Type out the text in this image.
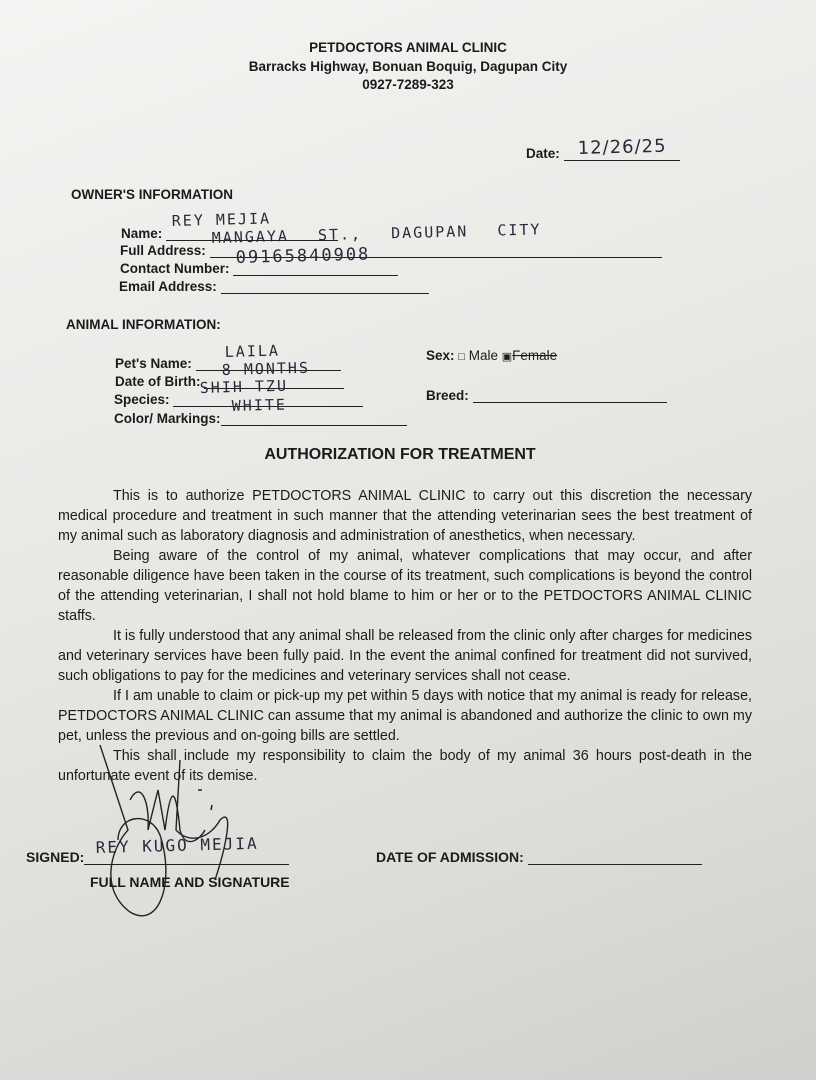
PETDOCTORS ANIMAL CLINIC
Barracks Highway, Bonuan Boquig, Dagupan City
0927-7289-323
Date: 12/26/25
OWNER'S INFORMATION
Name:
REY MEJIA
Full Address:
MANGAYA ST., DAGUPAN CITY
Contact Number:
09165840908
Email Address:
ANIMAL INFORMATION:
Pet's Name:
LAILA
Date of Birth:
8 MONTHS
Species:
SHIH TZU
Color/ Markings:
WHITE
Sex: □ Male ▣Female
Breed:
AUTHORIZATION FOR TREATMENT

This is to authorize PETDOCTORS ANIMAL CLINIC to carry out this discretion the necessary medical procedure and treatment in such manner that the attending veterinarian sees the best treatment of my animal such as laboratory diagnosis and administration of anesthetics, when necessary.

Being aware of the control of my animal, whatever complications that may occur, and after reasonable diligence have been taken in the course of its treatment, such complications is beyond the control of the attending veterinarian, I shall not hold blame to him or her or to the PETDOCTORS ANIMAL CLINIC staffs.

It is fully understood that any animal shall be released from the clinic only after charges for medicines and veterinary services have been fully paid. In the event the animal confined for treatment did not survived, such obligations to pay for the medicines and veterinary services shall not cease.

If I am unable to claim or pick-up my pet within 5 days with notice that my animal is ready for release, PETDOCTORS ANIMAL CLINIC can assume that my animal is abandoned and authorize the clinic to own my pet, unless the previous and on-going bills are settled.

This shall include my responsibility to claim the body of my animal 36 hours post-death in the unfortunate event of its demise.

SIGNED: REY KUGO MEJIA
FULL NAME AND SIGNATURE
DATE OF ADMISSION:
